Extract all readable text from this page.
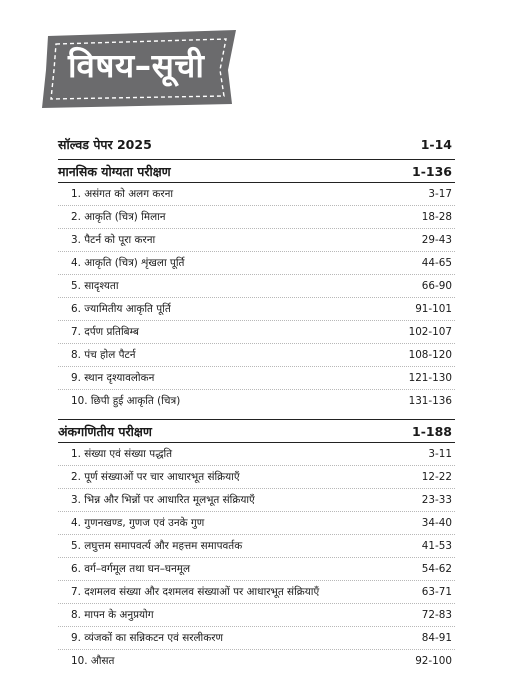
विषय–सूची
सॉल्वड पेपर 2025	1-14
मानसिक योग्यता परीक्षण	1-136
1. असंगत को अलग करना	3-17
2. आकृति (चित्र) मिलान	18-28
3. पैटर्न को पूरा करना	29-43
4. आकृति (चित्र) शृंखला पूर्ति	44-65
5. सादृश्यता	66-90
6. ज्यामितीय आकृति पूर्ति	91-101
7. दर्पण प्रतिबिम्ब	102-107
8. पंच होल पैटर्न	108-120
9. स्थान दृश्यावलोकन	121-130
10. छिपी हुई आकृति (चित्र)	131-136
अंकगणितीय परीक्षण	1-188
1. संख्या एवं संख्या पद्धति	3-11
2. पूर्ण संख्याओं पर चार आधारभूत संक्रियाएँ	12-22
3. भिन्न और भिन्नों पर आधारित मूलभूत संक्रियाएँ	23-33
4. गुणनखण्ड, गुणज एवं उनके गुण	34-40
5. लघुत्तम समापवर्त्य और महत्तम समापवर्तक	41-53
6. वर्ग–वर्गमूल तथा घन–घनमूल	54-62
7. दशमलव संख्या और दशमलव संख्याओं पर आधारभूत संक्रियाएँ	63-71
8. मापन के अनुप्रयोग	72-83
9. व्यंजकों का सन्निकटन एवं सरलीकरण	84-91
10. औसत	92-100
